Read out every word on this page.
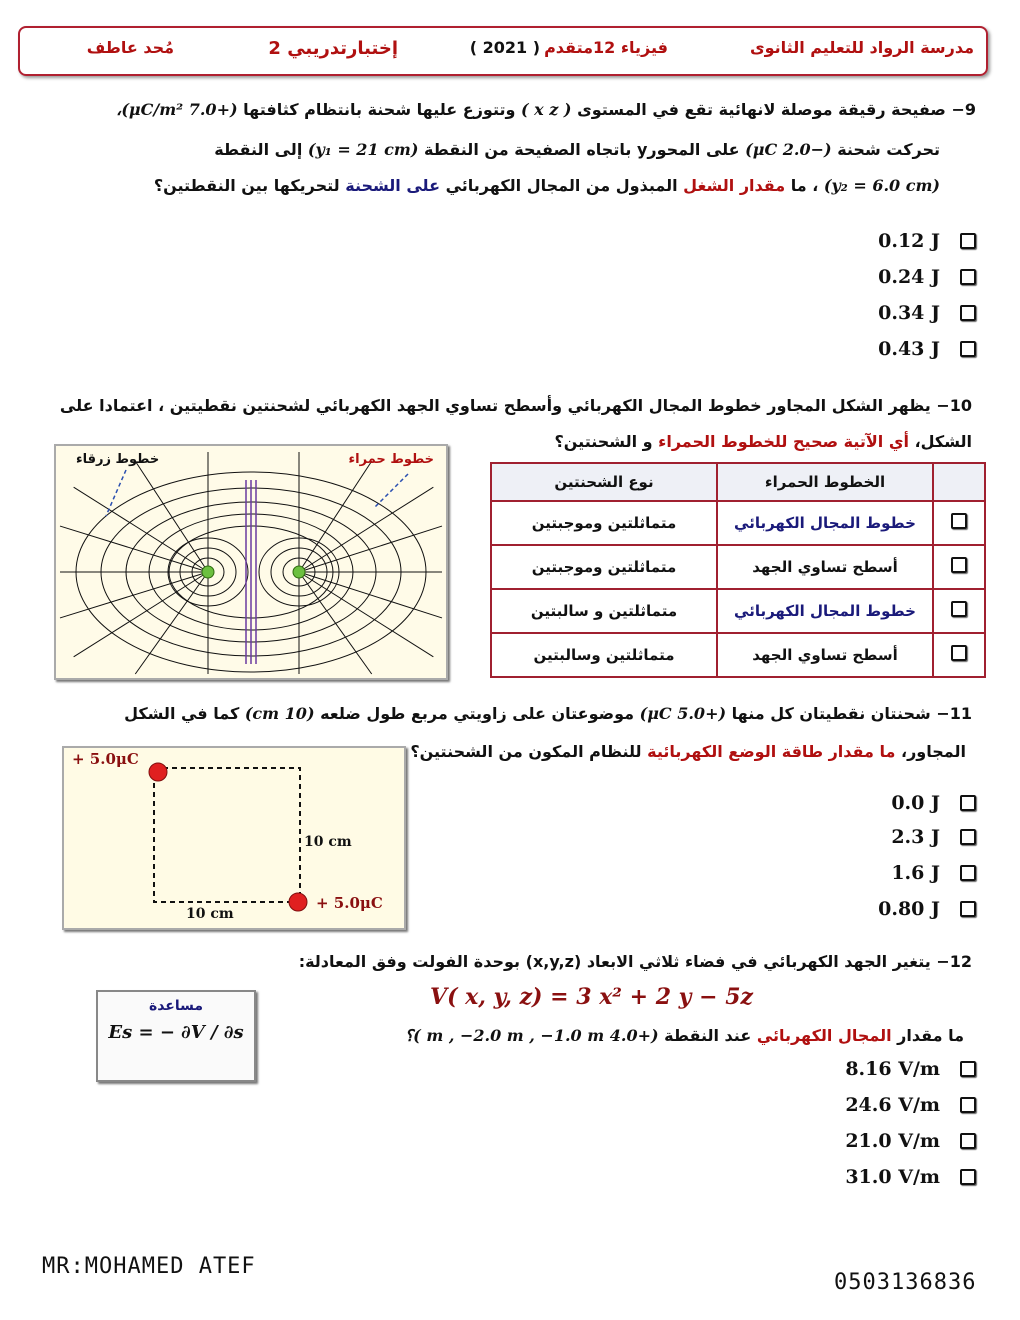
مدرسة الرواد للتعليم الثانوى
فيزياء 12متقدم
( 2021 )
إختبارتدريبي 2
مُحد عاطف
9− صفيحة رقيقة موصلة لانهائية تقع في المستوى ( x z ) وتتوزع عليها شحنة بانتظام كثافتها (+7.0 μC/m²)،
تحركت شحنة (−2.0 μC) على المحورy باتجاه الصفيحة من النقطة (y₁ = 21 cm) إلى النقطة
(y₂ = 6.0 cm) ، ما مقدار الشغل المبذول من المجال الكهربائي على الشحنة لتحريكها بين النقطتين؟
0.12 J
0.24 J
0.34 J
0.43 J
10− يظهر الشكل المجاور خطوط المجال الكهربائي وأسطح تساوي الجهد الكهربائي لشحنتين نقطيتين ، اعتمادا على
الشكل، أي الآتية صحيح للخطوط الحمراء و الشحنتين؟
خطوط زرقاء	خطوط حمراء
	الخطوط الحمراء	نوع الشحنتين
	خطوط المجال الكهربائي	متماثلتين وموجبتين
	أسطح تساوي الجهد	متماثلتين وموجبتين
	خطوط المجال الكهربائي	متماثلتين و سالبتين
	أسطح تساوي الجهد	متماثلتين وسالبتين
11− شحنتان نقطيتان كل منها (+5.0 μC) موضوعتان على زاويتي مربع طول ضلعه (10 cm) كما في الشكل
المجاور، ما مقدار طاقة الوضع الكهربائية للنظام المكون من الشحنتين؟
+ 5.0μC
+ 5.0μC
10 cm
10 cm
0.0 J
2.3 J
1.6 J
0.80 J
12− يتغير الجهد الكهربائي في فضاء ثلاثي الابعاد (x,y,z) بوحدة الفولت وفق المعادلة:
V( x, y, z) = 3 x² + 2 y − 5z
ما مقدار المجال الكهربائي عند النقطة (+4.0 m , −2.0 m , −1.0 m )؟
مساعدة
Es = − ∂V / ∂s
8.16 V/m
24.6 V/m
21.0 V/m
31.0 V/m
MR:MOHAMED ATEF
0503136836
